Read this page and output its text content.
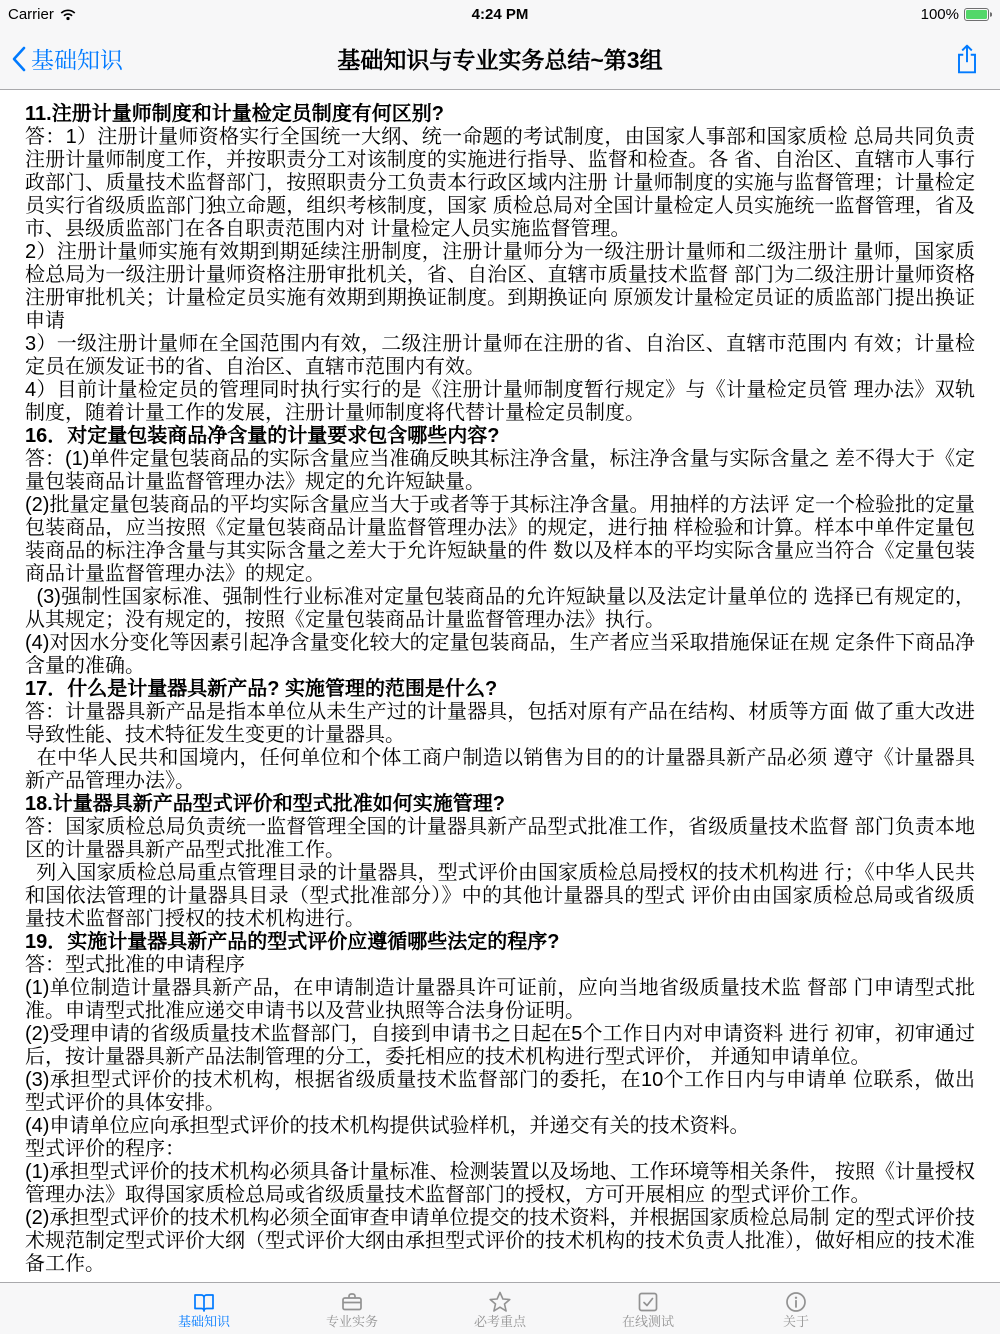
Carrier	4:24 PM	100%
基础知识	基础知识与专业实务总结~第3组

11.注册计量师制度和计量检定员制度有何区别?

答：1）注册计量师资格实行全国统一大纲、统一命题的考试制度，由国家人事部和国家质检 总局共同负责注册计量师制度工作，并按职责分工对该制度的实施进行指导、监督和检查。各 省、自治区、直辖市人事行政部门、质量技术监督部门，按照职责分工负责本行政区域内注册 计量师制度的实施与监督管理；计量检定员实行省级质监部门独立命题，组织考核制度，国家 质检总局对全国计量检定人员实施统一监督管理，省及市、县级质监部门在各自职责范围内对 计量检定人员实施监督管理。

2）注册计量师实施有效期到期延续注册制度，注册计量师分为一级注册计量师和二级注册计 量师，国家质检总局为一级注册计量师资格注册审批机关，省、自治区、直辖市质量技术监督 部门为二级注册计量师资格注册审批机关；计量检定员实施有效期到期换证制度。到期换证向 原颁发计量检定员证的质监部门提出换证申请

3）一级注册计量师在全国范围内有效，二级注册计量师在注册的省、自治区、直辖市范围内 有效；计量检定员在颁发证书的省、自治区、直辖市范围内有效。

4）目前计量检定员的管理同时执行实行的是《注册计量师制度暂行规定》与《计量检定员管 理办法》双轨制度，随着计量工作的发展，注册计量师制度将代替计量检定员制度。

16．对定量包装商品净含量的计量要求包含哪些内容?

答：(1)单件定量包装商品的实际含量应当准确反映其标注净含量，标注净含量与实际含量之 差不得大于《定量包装商品计量监督管理办法》规定的允许短缺量。

(2)批量定量包装商品的平均实际含量应当大于或者等于其标注净含量。用抽样的方法评 定一个检验批的定量包装商品，应当按照《定量包装商品计量监督管理办法》的规定，进行抽 样检验和计算。样本中单件定量包装商品的标注净含量与其实际含量之差大于允许短缺量的件 数以及样本的平均实际含量应当符合《定量包装商品计量监督管理办法》的规定。

(3)强制性国家标准、强制性行业标准对定量包装商品的允许短缺量以及法定计量单位的 选择已有规定的，从其规定；没有规定的，按照《定量包装商品计量监督管理办法》执行。

(4)对因水分变化等因素引起净含量变化较大的定量包装商品，生产者应当采取措施保证在规 定条件下商品净含量的准确。

17．什么是计量器具新产品? 实施管理的范围是什么?

答：计量器具新产品是指本单位从未生产过的计量器具，包括对原有产品在结构、材质等方面 做了重大改进导致性能、技术特征发生变更的计量器具。

在中华人民共和国境内，任何单位和个体工商户制造以销售为目的的计量器具新产品必须 遵守《计量器具新产品管理办法》。

18.计量器具新产品型式评价和型式批准如何实施管理?

答：国家质检总局负责统一监督管理全国的计量器具新产品型式批准工作，省级质量技术监督 部门负责本地区的计量器具新产品型式批准工作。

列入国家质检总局重点管理目录的计量器具，型式评价由国家质检总局授权的技术机构进 行；《中华人民共和国依法管理的计量器具目录（型式批准部分）》中的其他计量器具的型式 评价由由国家质检总局或省级质量技术监督部门授权的技术机构进行。

19．实施计量器具新产品的型式评价应遵循哪些法定的程序?

答：型式批准的申请程序

(1)单位制造计量器具新产品，在申请制造计量器具许可证前，应向当地省级质量技术监 督部 门申请型式批准。申请型式批准应递交申请书以及营业执照等合法身份证明。

(2)受理申请的省级质量技术监督部门，自接到申请书之日起在5个工作日内对申请资料 进行 初审，初审通过后，按计量器具新产品法制管理的分工，委托相应的技术机构进行型式评价， 并通知申请单位。

(3)承担型式评价的技术机构，根据省级质量技术监督部门的委托，在10个工作日内与申请单 位联系，做出型式评价的具体安排。

(4)申请单位应向承担型式评价的技术机构提供试验样机，并递交有关的技术资料。

型式评价的程序：

(1)承担型式评价的技术机构必须具备计量标准、检测装置以及场地、工作环境等相关条件， 按照《计量授权管理办法》取得国家质检总局或省级质量技术监督部门的授权，方可开展相应 的型式评价工作。

(2)承担型式评价的技术机构必须全面审查申请单位提交的技术资料，并根据国家质检总局制 定的型式评价技术规范制定型式评价大纲（型式评价大纲由承担型式评价的技术机构的技术负责人批准），做好相应的技术准备工作。

基础知识	专业实务	必考重点	在线测试	关于
